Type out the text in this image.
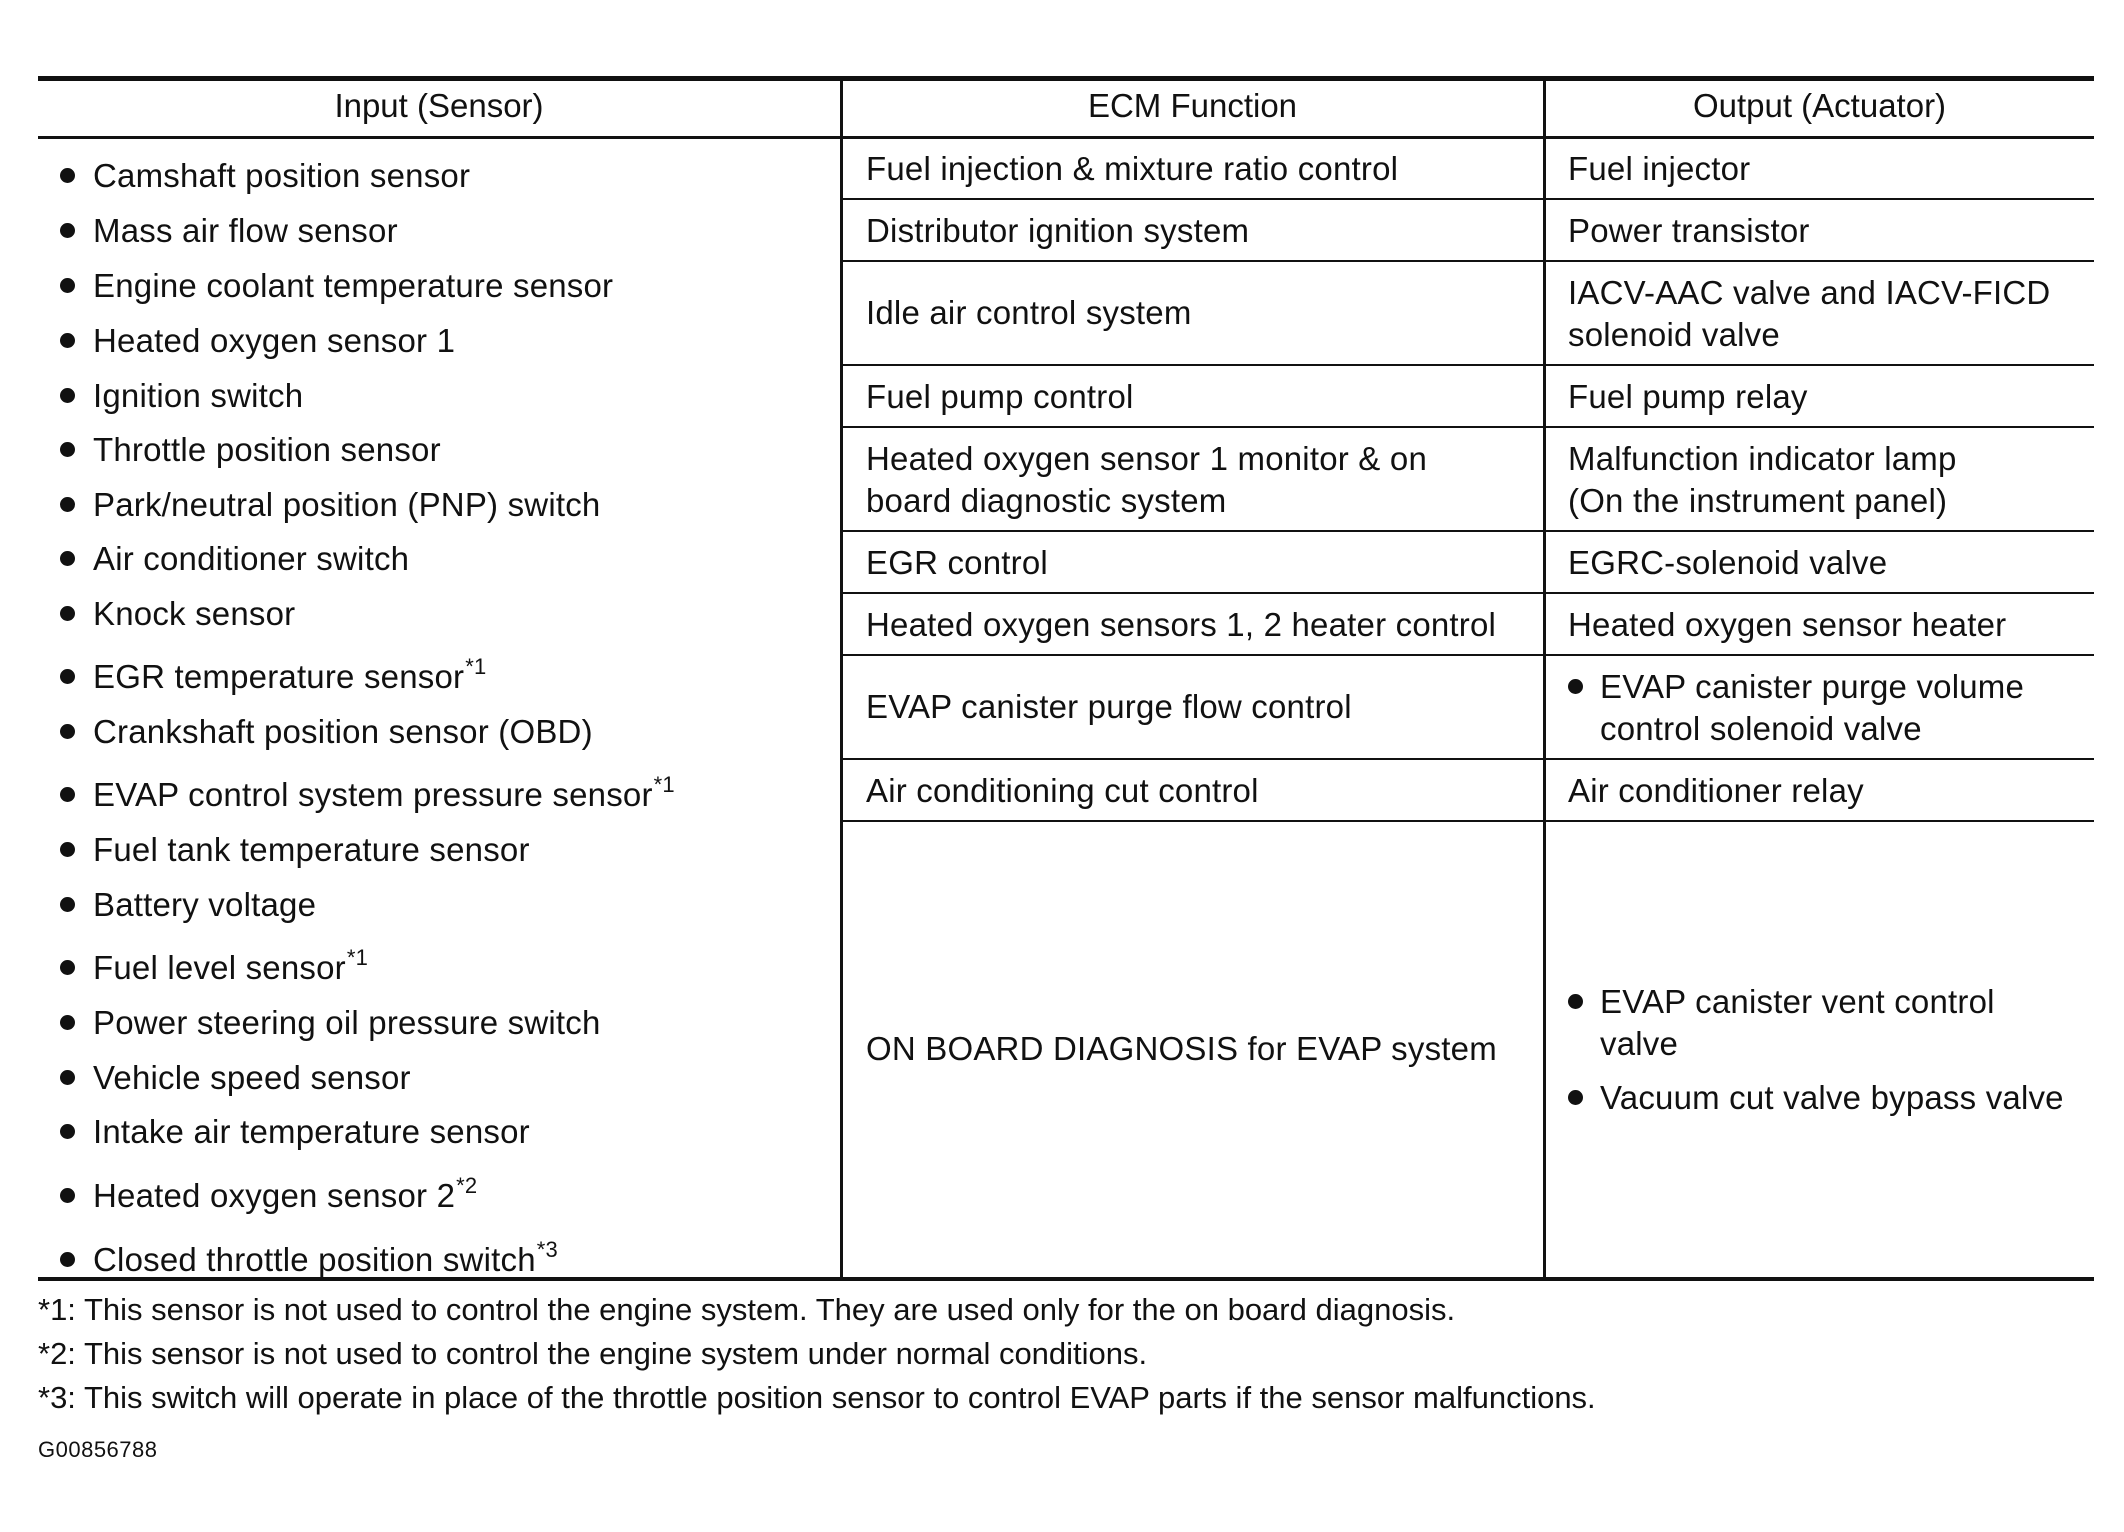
Input (Sensor)	ECM Function	Output (Actuator)
Camshaft position sensor
Mass air flow sensor
Engine coolant temperature sensor
Heated oxygen sensor 1
Ignition switch
Throttle position sensor
Park/neutral position (PNP) switch
Air conditioner switch
Knock sensor
EGR temperature sensor$^{*1}$
Crankshaft position sensor (OBD)
EVAP control system pressure sensor$^{*1}$
Fuel tank temperature sensor
Battery voltage
Fuel level sensor$^{*1}$
Power steering oil pressure switch
Vehicle speed sensor
Intake air temperature sensor
Heated oxygen sensor 2$^{*2}$
Closed throttle position switch$^{*3}$
Fuel injection & mixture ratio control
Distributor ignition system
Idle air control system
Fuel pump control
Heated oxygen sensor 1 monitor & on
board diagnostic system
EGR control
Heated oxygen sensors 1, 2 heater control
EVAP canister purge flow control
Air conditioning cut control
ON BOARD DIAGNOSIS for EVAP system
Fuel injector
Power transistor
IACV-AAC valve and IACV-FICD
solenoid valve
Fuel pump relay
Malfunction indicator lamp
(On the instrument panel)
EGRC-solenoid valve
Heated oxygen sensor heater
EVAP canister purge volume
control solenoid valve
Air conditioner relay
EVAP canister vent control
valve
Vacuum cut valve bypass valve
*1: This sensor is not used to control the engine system. They are used only for the on board diagnosis.
*2: This sensor is not used to control the engine system under normal conditions.
*3: This switch will operate in place of the throttle position sensor to control EVAP parts if the sensor malfunctions.
G00856788
